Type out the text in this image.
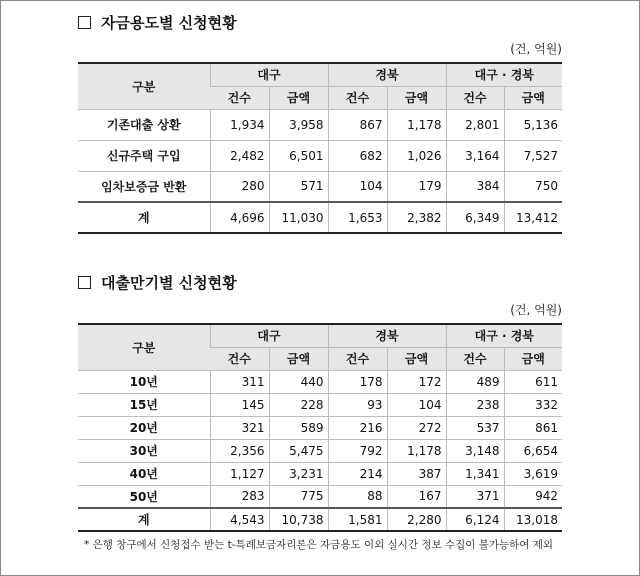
자금용도별 신청현황
(건, 억원)
구분	대구		경북		대구 · 경북	
	건수	금액	건수	금액	건수	금액
기존대출 상환	1,934	3,958	867	1,178	2,801	5,136
신규주택 구입	2,482	6,501	682	1,026	3,164	7,527
임차보증금 반환	280	571	104	179	384	750
계	4,696	11,030	1,653	2,382	6,349	13,412
대출만기별 신청현황
(건, 억원)
구분	대구		경북		대구 · 경북	
	건수	금액	건수	금액	건수	금액
10년	311	440	178	172	489	611
15년	145	228	93	104	238	332
20년	321	589	216	272	537	861
30년	2,356	5,475	792	1,178	3,148	6,654
40년	1,127	3,231	214	387	1,341	3,619
50년	283	775	88	167	371	942
계	4,543	10,738	1,581	2,280	6,124	13,018
* 은행 창구에서 신청접수 받는 t-특례보금자리론은 자금용도 이외 실시간 정보 수집이 불가능하여 제외
